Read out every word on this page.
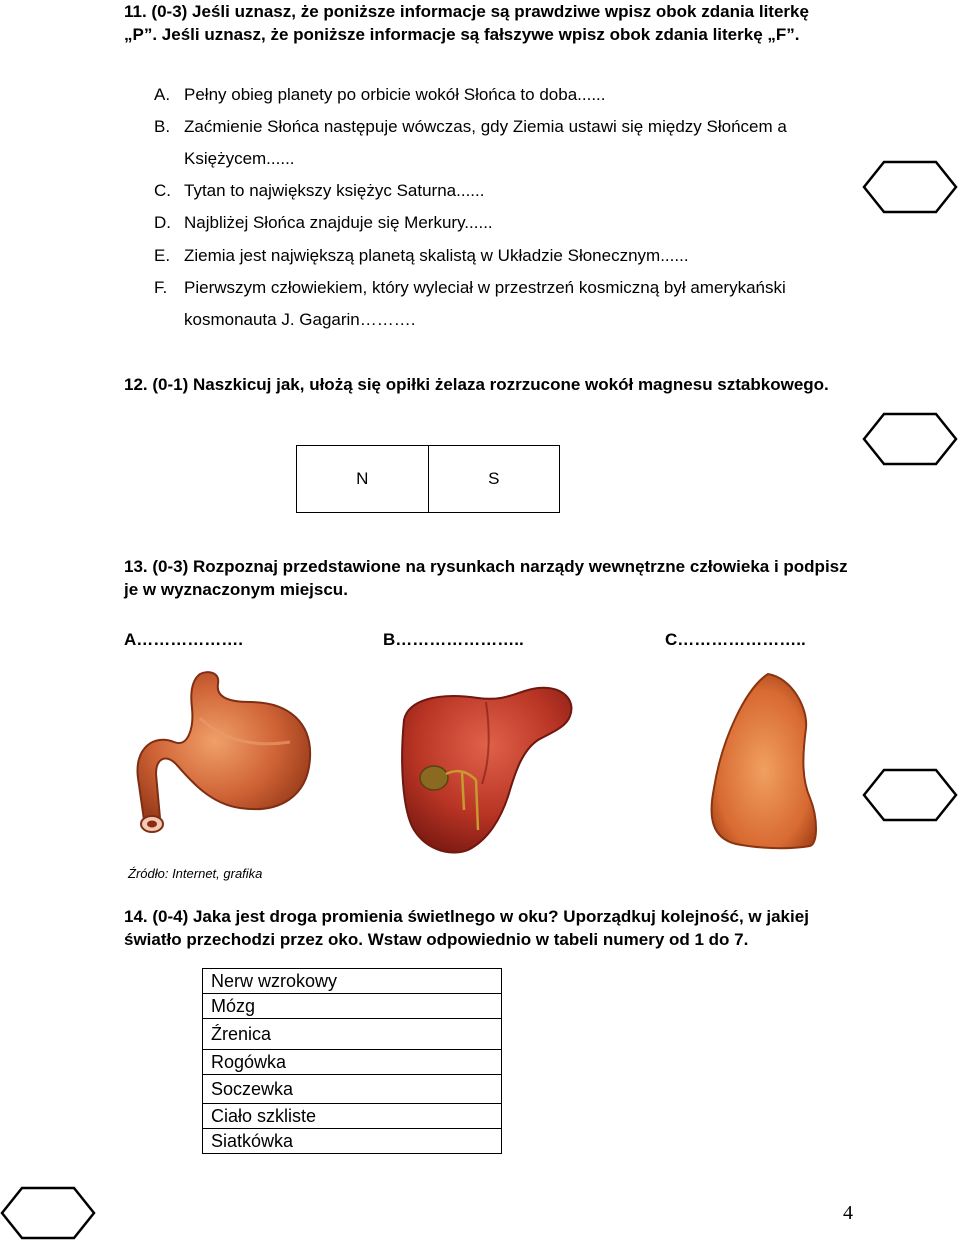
11. (0-3) Jeśli uznasz, że poniższe informacje są prawdziwe wpisz obok zdania literkę „P”. Jeśli uznasz, że poniższe informacje są fałszywe wpisz obok zdania literkę „F”.
A. Pełny obieg planety po orbicie wokół Słońca to doba......
B. Zaćmienie Słońca następuje wówczas, gdy Ziemia ustawi się między Słońcem a
Księżycem......
C. Tytan to największy księżyc Saturna......
D. Najbliżej Słońca znajduje się Merkury......
E. Ziemia jest największą planetą skalistą w Układzie Słonecznym......
F. Pierwszym człowiekiem, który wyleciał w przestrzeń kosmiczną był amerykański
kosmonauta J. Gagarin……….
12. (0-1) Naszkicuj jak, ułożą się opiłki żelaza rozrzucone wokół magnesu sztabkowego.
N	S
13. (0-3) Rozpoznaj przedstawione na rysunkach narządy wewnętrzne człowieka i podpisz je w wyznaczonym miejscu.
A……………….	B…………………..	C…………………..
Źródło: Internet, grafika
14. (0-4) Jaka jest droga promienia świetlnego w oku? Uporządkuj kolejność, w jakiej światło przechodzi przez oko. Wstaw odpowiednio w tabeli numery od 1 do 7.
Nerw wzrokowy
Mózg
Źrenica
Rogówka
Soczewka
Ciało szkliste
Siatkówka
4
